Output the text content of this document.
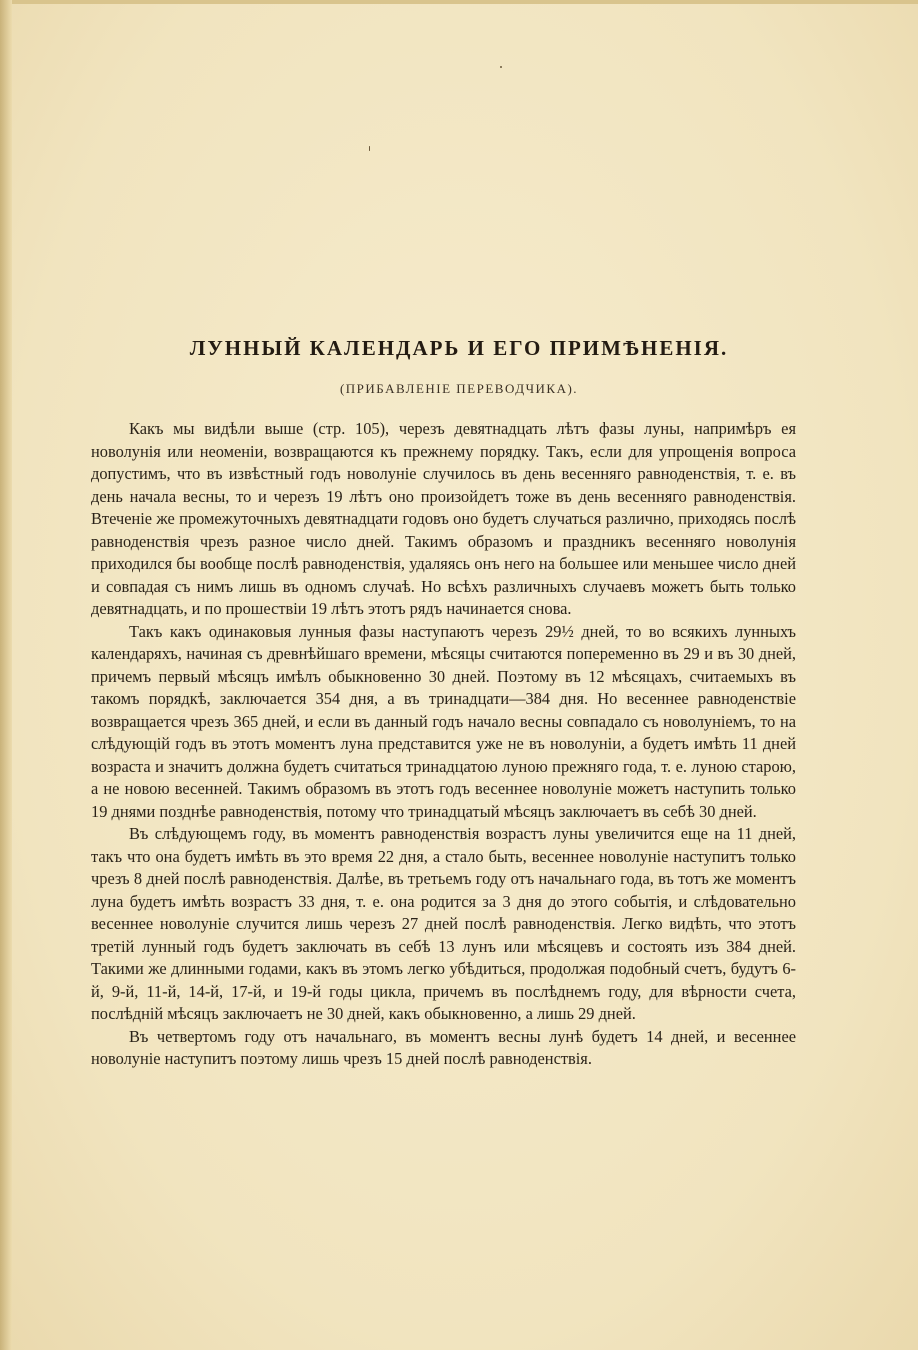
ЛУННЫЙ КАЛЕНДАРЬ И ЕГО ПРИМѢНЕНІЯ.
(ПРИБАВЛЕНІЕ ПЕРЕВОДЧИКА).

Какъ мы видѣли выше (стр. 105), черезъ девятнадцать лѣтъ фазы луны, напримѣръ ея новолунія или неоменіи, возвращаются къ прежнему порядку. Такъ, если для упрощенія вопроса допустимъ, что въ извѣстный годъ новолуніе случилось въ день весенняго равноденствія, т. е. въ день начала весны, то и черезъ 19 лѣтъ оно произойдетъ тоже въ день весенняго равноденствія. Втеченіе же промежуточныхъ девятнадцати годовъ оно будетъ случаться различно, приходясь послѣ равноденствія чрезъ разное число дней. Такимъ образомъ и праздникъ весенняго новолунія приходился бы вообще послѣ равноденствія, удаляясь онъ него на большее или меньшее число дней и совпадая съ нимъ лишь въ одномъ случаѣ. Но всѣхъ различныхъ случаевъ можетъ быть только девятнадцать, и по прошествіи 19 лѣтъ этотъ рядъ начинается снова.

Такъ какъ одинаковыя лунныя фазы наступаютъ черезъ 29½ дней, то во всякихъ лунныхъ календаряхъ, начиная съ древнѣйшаго времени, мѣсяцы считаются попеременно въ 29 и въ 30 дней, причемъ первый мѣсяцъ имѣлъ обыкновенно 30 дней. Поэтому въ 12 мѣсяцахъ, считаемыхъ въ такомъ порядкѣ, заключается 354 дня, а въ тринадцати—384 дня. Но весеннее равноденствіе возвращается чрезъ 365 дней, и если въ данный годъ начало весны совпадало съ новолуніемъ, то на слѣдующій годъ въ этотъ моментъ луна представится уже не въ новолуніи, а будетъ имѣть 11 дней возраста и значитъ должна будетъ считаться тринадцатою луною прежняго года, т. е. луною старою, а не новою весенней. Такимъ образомъ въ этотъ годъ весеннее новолуніе можетъ наступить только 19 днями позднѣе равноденствія, потому что тринадцатый мѣсяцъ заключаетъ въ себѣ 30 дней.

Въ слѣдующемъ году, въ моментъ равноденствія возрастъ луны увеличится еще на 11 дней, такъ что она будетъ имѣть въ это время 22 дня, а стало быть, весеннее новолуніе наступитъ только чрезъ 8 дней послѣ равноденствія. Далѣе, въ третьемъ году отъ начальнаго года, въ тотъ же моментъ луна будетъ имѣть возрастъ 33 дня, т. е. она родится за 3 дня до этого событія, и слѣдовательно весеннее новолуніе случится лишь черезъ 27 дней послѣ равноденствія. Легко видѣть, что этотъ третій лунный годъ будетъ заключать въ себѣ 13 лунъ или мѣсяцевъ и состоять изъ 384 дней. Такими же длинными годами, какъ въ этомъ легко убѣдиться, продолжая подобный счетъ, будутъ 6-й, 9-й, 11-й, 14-й, 17-й, и 19-й годы цикла, причемъ въ послѣднемъ году, для вѣрности счета, послѣдній мѣсяцъ заключаетъ не 30 дней, какъ обыкновенно, а лишь 29 дней.

Въ четвертомъ году отъ начальнаго, въ моментъ весны лунѣ будетъ 14 дней, и весеннее новолуніе наступитъ поэтому лишь чрезъ 15 дней послѣ равноденствія.
